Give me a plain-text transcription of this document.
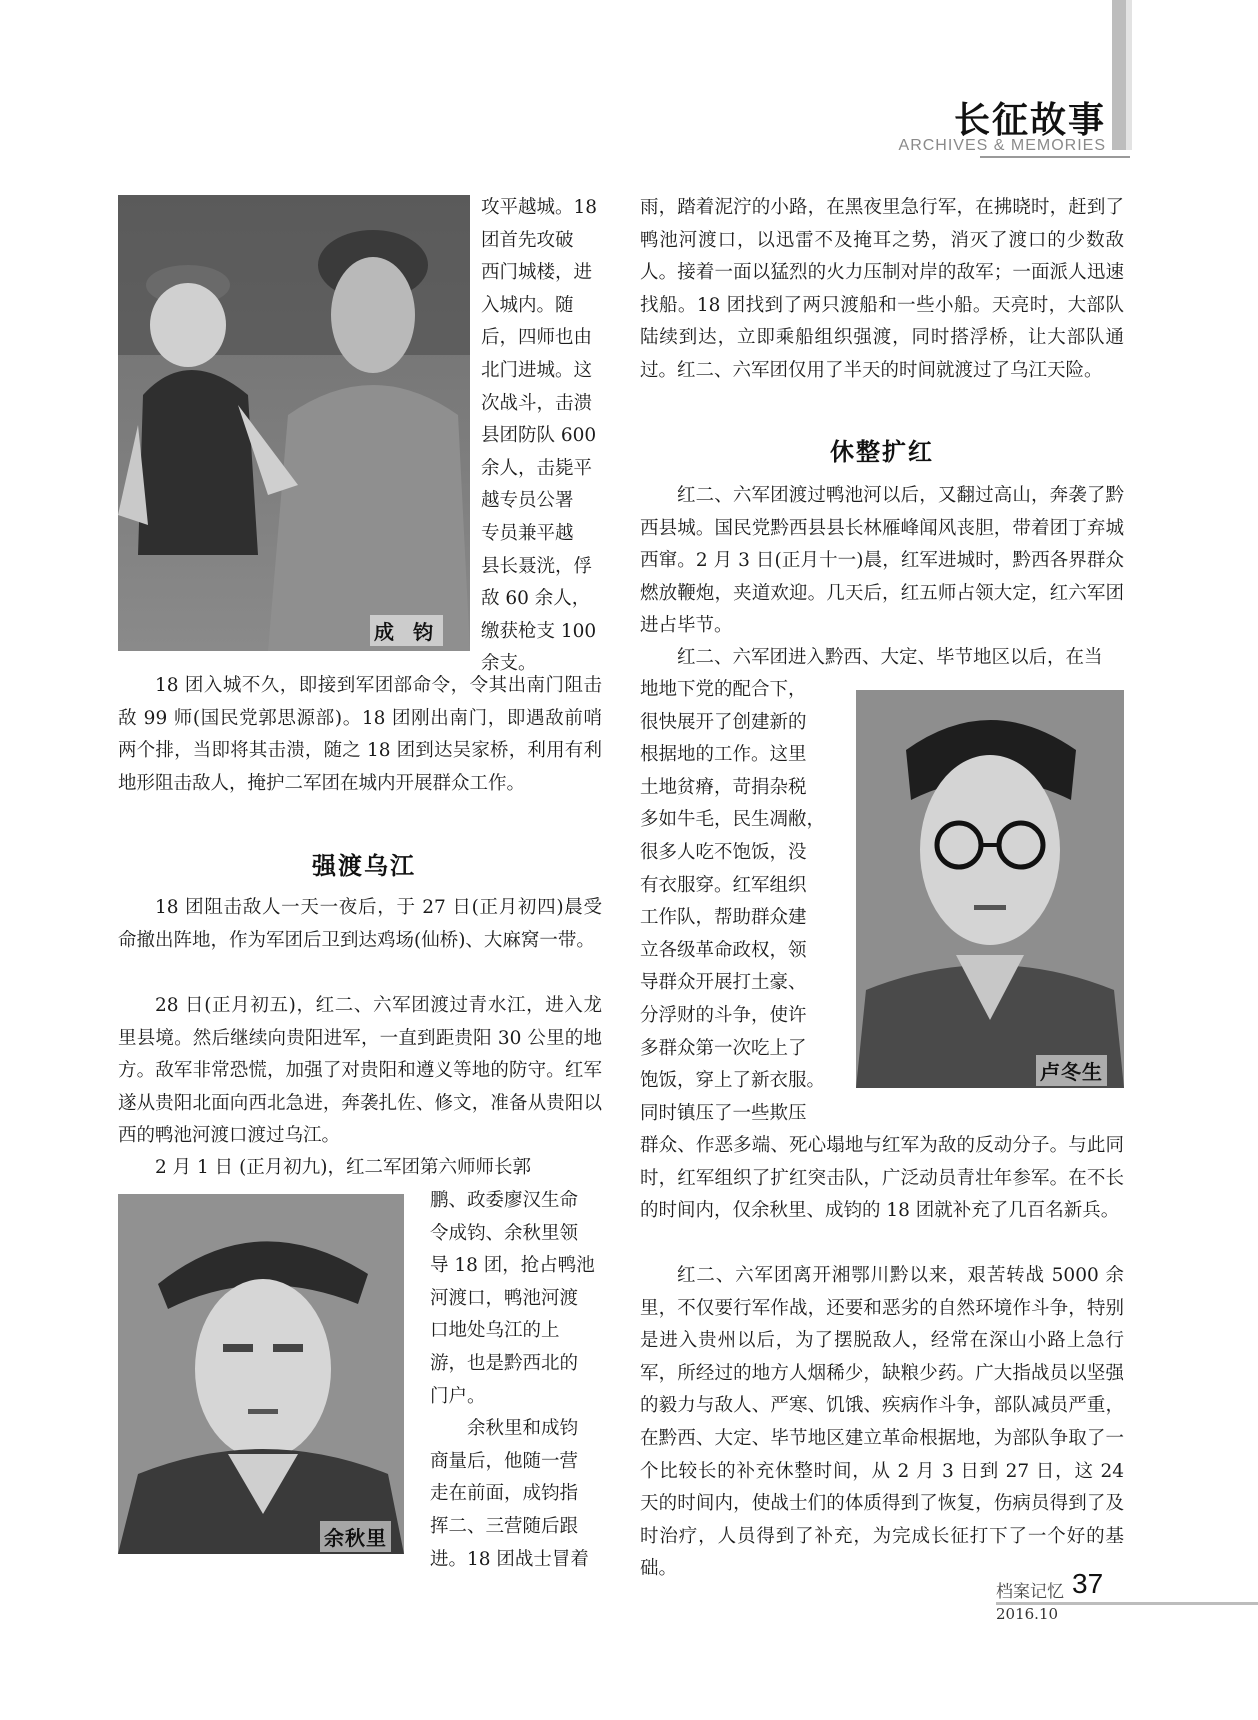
长征故事
ARCHIVES & MEMORIES
成 钧
攻平越城。18
团首先攻破
西门城楼，进
入城内。随
后，四师也由
北门进城。这
次战斗，击溃
县团防队 600
余人，击毙平
越专员公署
专员兼平越
县长聂洸，俘
敌 60 余人，
缴获枪支 100
余支。

18 团入城不久，即接到军团部命令，令其出南门阻击敌 99 师(国民党郭思源部)。18 团刚出南门，即遇敌前哨两个排，当即将其击溃，随之 18 团到达吴家桥，利用有利地形阻击敌人，掩护二军团在城内开展群众工作。

强渡乌江

18 团阻击敌人一天一夜后，于 27 日(正月初四)晨受命撤出阵地，作为军团后卫到达鸡场(仙桥)、大麻窝一带。

28 日(正月初五)，红二、六军团渡过青水江，进入龙里县境。然后继续向贵阳进军，一直到距贵阳 30 公里的地方。敌军非常恐慌，加强了对贵阳和遵义等地的防守。红军遂从贵阳北面向西北急进，奔袭扎佐、修文，准备从贵阳以西的鸭池河渡口渡过乌江。

2 月 1 日 (正月初九)，红二军团第六师师长郭

余秋里
鹏、政委廖汉生命
令成钧、余秋里领
导 18 团，抢占鸭池
河渡口，鸭池河渡
口地处乌江的上
游，也是黔西北的
门户。
余秋里和成钧
商量后，他随一营
走在前面，成钧指
挥二、三营随后跟
进。18 团战士冒着

雨，踏着泥泞的小路，在黑夜里急行军，在拂晓时，赶到了鸭池河渡口，以迅雷不及掩耳之势，消灭了渡口的少数敌人。接着一面以猛烈的火力压制对岸的敌军；一面派人迅速找船。18 团找到了两只渡船和一些小船。天亮时，大部队陆续到达，立即乘船组织强渡，同时搭浮桥，让大部队通过。红二、六军团仅用了半天的时间就渡过了乌江天险。

休整扩红

红二、六军团渡过鸭池河以后，又翻过高山，奔袭了黔西县城。国民党黔西县县长林雁峰闻风丧胆，带着团丁弃城西窜。2 月 3 日(正月十一)晨，红军进城时，黔西各界群众燃放鞭炮，夹道欢迎。几天后，红五师占领大定，红六军团进占毕节。

红二、六军团进入黔西、大定、毕节地区以后，在当

卢冬生
地地下党的配合下，
很快展开了创建新的
根据地的工作。这里
土地贫瘠，苛捐杂税
多如牛毛，民生凋敝，
很多人吃不饱饭，没
有衣服穿。红军组织
工作队，帮助群众建
立各级革命政权，领
导群众开展打土豪、
分浮财的斗争，使许
多群众第一次吃上了
饱饭，穿上了新衣服。
同时镇压了一些欺压

群众、作恶多端、死心塌地与红军为敌的反动分子。与此同时，红军组织了扩红突击队，广泛动员青壮年参军。在不长的时间内，仅余秋里、成钧的 18 团就补充了几百名新兵。

红二、六军团离开湘鄂川黔以来，艰苦转战 5000 余里，不仅要行军作战，还要和恶劣的自然环境作斗争，特别是进入贵州以后，为了摆脱敌人，经常在深山小路上急行军，所经过的地方人烟稀少，缺粮少药。广大指战员以坚强的毅力与敌人、严寒、饥饿、疾病作斗争，部队减员严重，在黔西、大定、毕节地区建立革命根据地，为部队争取了一个比较长的补充休整时间，从 2 月 3 日到 27 日，这 24 天的时间内，使战士们的体质得到了恢复，伤病员得到了及时治疗，人员得到了补充，为完成长征打下了一个好的基础。

档案记忆 37
2016.10
